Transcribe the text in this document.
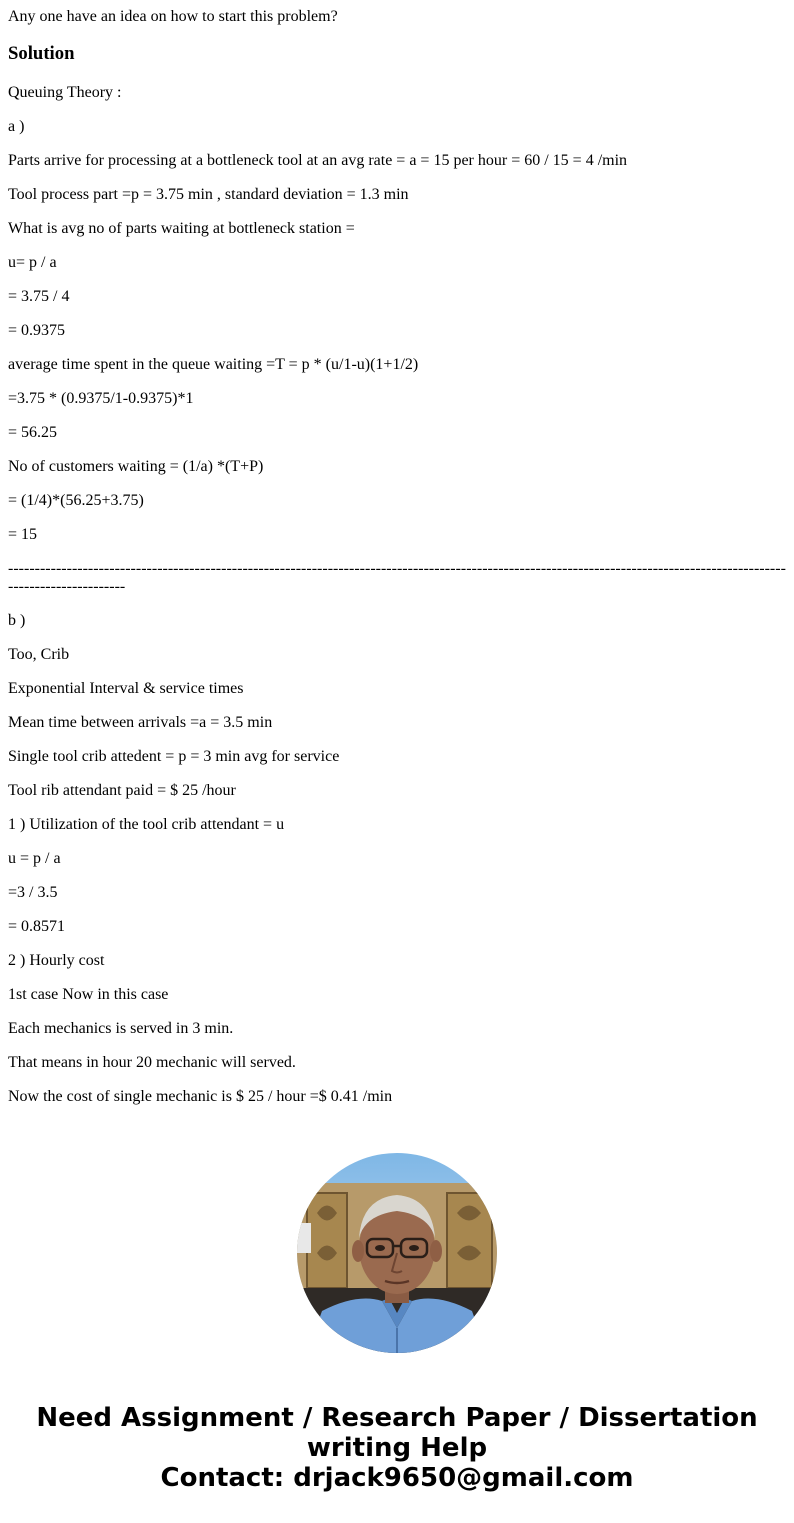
Any one have an idea on how to start this problem?

Solution

Queuing Theory :

a )

Parts arrive for processing at a bottleneck tool at an avg rate = a = 15 per hour = 60 / 15 = 4 /min

Tool process part =p = 3.75 min , standard deviation = 1.3 min

What is avg no of parts waiting at bottleneck station =

u= p / a

= 3.75 / 4

= 0.9375

average time spent in the queue waiting =T = p * (u/1-u)(1+1/2)

=3.75 * (0.9375/1-0.9375)*1

= 56.25

No of customers waiting = (1/a) *(T+P)

= (1/4)*(56.25+3.75)

= 15

------------------------------------------------------------------------------------------------------------------------------------------------------------------------

b )

Too, Crib

Exponential Interval & service times

Mean time between arrivals =a = 3.5 min

Single tool crib attedent = p = 3 min avg for service

Tool rib attendant paid = $ 25 /hour

1 ) Utilization of the tool crib attendant = u

u = p / a

=3 / 3.5

= 0.8571

2 ) Hourly cost

1st case Now in this case

Each mechanics is served in 3 min.

That means in hour 20 mechanic will served.

Now the cost of single mechanic is $ 25 / hour =$ 0.41 /min

Need Assignment / Research Paper / Dissertation
writing Help
Contact: drjack9650@gmail.com
